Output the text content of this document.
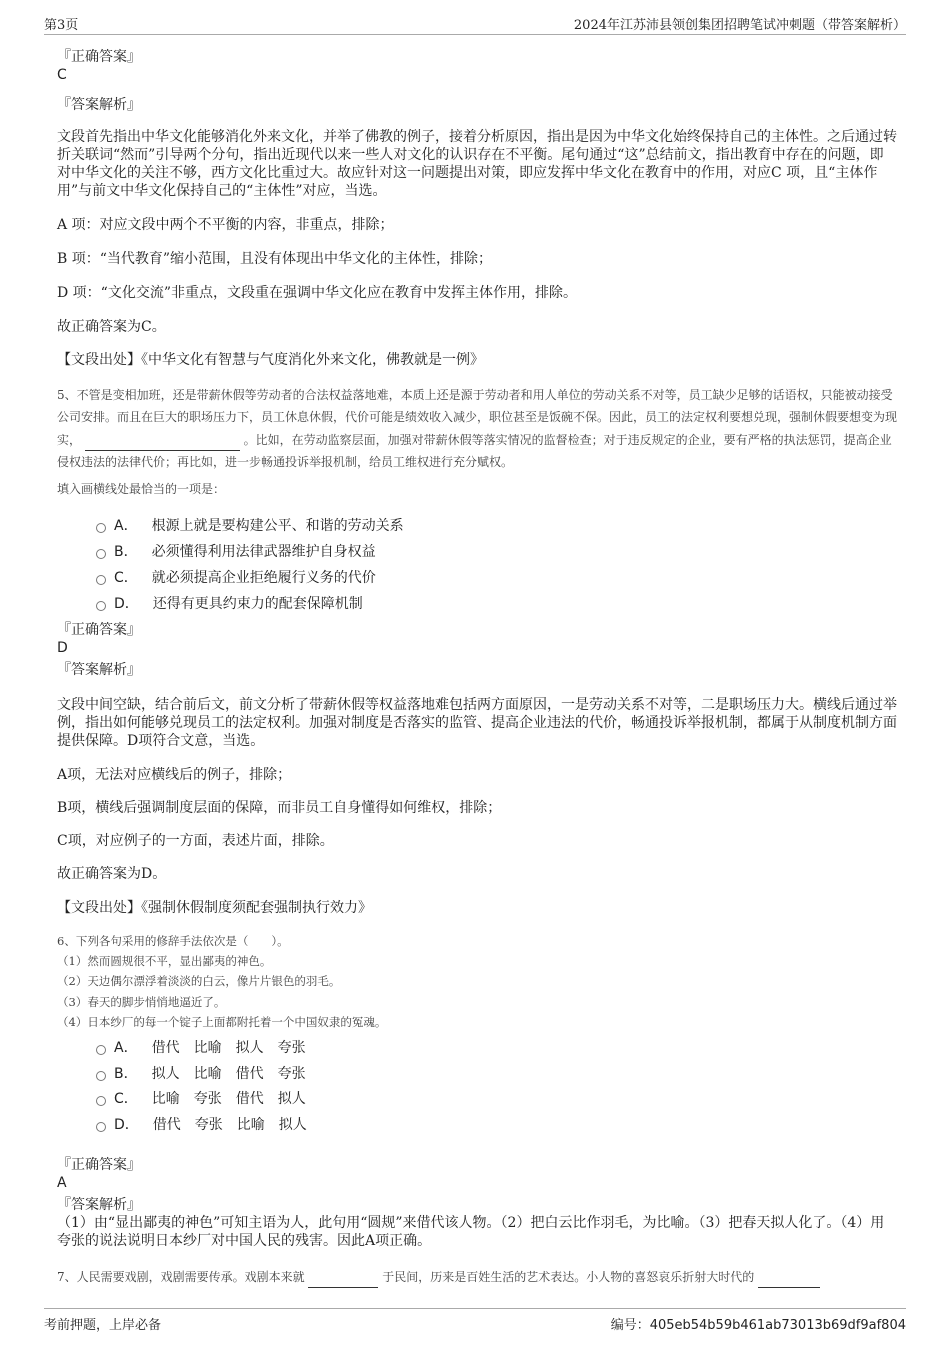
第3页	2024年江苏沛县领创集团招聘笔试冲刺题（带答案解析）
『正确答案』
C
『答案解析』
文段首先指出中华文化能够消化外来文化，并举了佛教的例子，接着分析原因，指出是因为中华文化始终保持自己的主体性。之后通过转折关联词“然而”引导两个分句，指出近现代以来一些人对文化的认识存在不平衡。尾句通过“这”总结前文，指出教育中存在的问题，即对中华文化的关注不够，西方文化比重过大。故应针对这一问题提出对策，即应发挥中华文化在教育中的作用，对应C 项，且“主体作用”与前文中华文化保持自己的“主体性”对应，当选。
A 项：对应文段中两个不平衡的内容，非重点，排除；
B 项：“当代教育”缩小范围，且没有体现出中华文化的主体性，排除；
D 项：“文化交流”非重点，文段重在强调中华文化应在教育中发挥主体作用，排除。
故正确答案为C。
【文段出处】《中华文化有智慧与气度消化外来文化，佛教就是一例》
5、不管是变相加班，还是带薪休假等劳动者的合法权益落地难，本质上还是源于劳动者和用人单位的劳动关系不对等，员工缺少足够的话语权，只能被动接受公司安排。而且在巨大的职场压力下，员工休息休假，代价可能是绩效收入减少，职位甚至是饭碗不保。因此，员工的法定权利要想兑现，强制休假要想变为现实，	。比如，在劳动监察层面，加强对带薪休假等落实情况的监督检查；对于违反规定的企业，要有严格的执法惩罚，提高企业侵权违法的法律代价；再比如，进一步畅通投诉举报机制，给员工维权进行充分赋权。
填入画横线处最恰当的一项是：
A． 根源上就是要构建公平、和谐的劳动关系
B． 必须懂得利用法律武器维护自身权益
C． 就必须提高企业拒绝履行义务的代价
D． 还得有更具约束力的配套保障机制
『正确答案』
D
『答案解析』
文段中间空缺，结合前后文，前文分析了带薪休假等权益落地难包括两方面原因，一是劳动关系不对等，二是职场压力大。横线后通过举例，指出如何能够兑现员工的法定权利。加强对制度是否落实的监管、提高企业违法的代价，畅通投诉举报机制，都属于从制度机制方面提供保障。D项符合文意，当选。
A项，无法对应横线后的例子，排除；
B项，横线后强调制度层面的保障，而非员工自身懂得如何维权，排除；
C项，对应例子的一方面，表述片面，排除。
故正确答案为D。
【文段出处】《强制休假制度须配套强制执行效力》
6、下列各句采用的修辞手法依次是（　　）。
（1）然而圆规很不平，显出鄙夷的神色。
（2）天边偶尔漂浮着淡淡的白云，像片片银色的羽毛。
（3）春天的脚步悄悄地逼近了。
（4）日本纱厂的每一个锭子上面都附托着一个中国奴隶的冤魂。
A． 借代 比喻 拟人 夸张
B． 拟人 比喻 借代 夸张
C． 比喻 夸张 借代 拟人
D． 借代 夸张 比喻 拟人
『正确答案』
A
『答案解析』
（1）由“显出鄙夷的神色”可知主语为人，此句用“圆规”来借代该人物。（2）把白云比作羽毛，为比喻。（3）把春天拟人化了。（4）用夸张的说法说明日本纱厂对中国人民的残害。因此A项正确。
7、人民需要戏剧，戏剧需要传承。戏剧本来就	于民间，历来是百姓生活的艺术表达。小人物的喜怒哀乐折射大时代的
考前押题，上岸必备	编号：405eb54b59b461ab73013b69df9af804
